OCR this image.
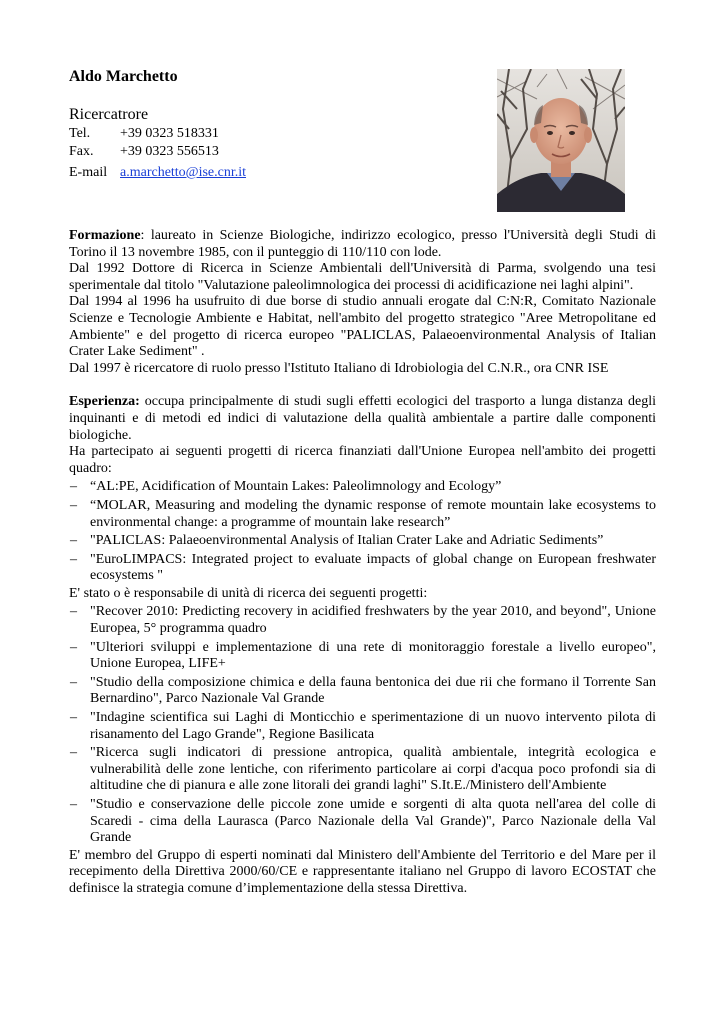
Aldo Marchetto
Ricercatrore
Tel. +39 0323 518331
Fax. +39 0323 556513
E-mail a.marchetto@ise.cnr.it

Formazione: laureato in Scienze Biologiche, indirizzo ecologico, presso l'Università degli Studi di Torino il 13 novembre 1985, con il punteggio di 110/110 con lode.

Dal 1992 Dottore di Ricerca in Scienze Ambientali dell'Università di Parma, svolgendo una tesi sperimentale dal titolo "Valutazione paleolimnologica dei processi di acidificazione nei laghi alpini".

Dal 1994 al 1996 ha usufruito di due borse di studio annuali erogate dal C:N:R, Comitato Nazionale Scienze e Tecnologie Ambiente e Habitat, nell'ambito del progetto strategico "Aree Metropolitane ed Ambiente" e del progetto di ricerca europeo "PALICLAS, Palaeoenvironmental Analysis of Italian Crater Lake Sediment" .

Dal 1997 è ricercatore di ruolo presso l'Istituto Italiano di Idrobiologia del C.N.R., ora CNR ISE

Esperienza: occupa principalmente di studi sugli effetti ecologici del trasporto a lunga distanza degli inquinanti e di metodi ed indici di valutazione della qualità ambientale a partire dalle componenti biologiche.

Ha partecipato ai seguenti progetti di ricerca finanziati dall'Unione Europea nell'ambito dei progetti quadro:

– “AL:PE, Acidification of Mountain Lakes: Paleolimnology and Ecology”
– “MOLAR, Measuring and modeling the dynamic response of remote mountain lake ecosystems to environmental change: a programme of mountain lake research”
– "PALICLAS: Palaeoenvironmental Analysis of Italian Crater Lake and Adriatic Sediments”
– "EuroLIMPACS: Integrated project to evaluate impacts of global change on European freshwater ecosystems "

E' stato o è responsabile di unità di ricerca dei seguenti progetti:

– "Recover 2010: Predicting recovery in acidified freshwaters by the year 2010, and beyond", Unione Europea, 5° programma quadro
– "Ulteriori sviluppi e implementazione di una rete di monitoraggio forestale a livello europeo", Unione Europea, LIFE+
– "Studio della composizione chimica e della fauna bentonica dei due rii che formano il Torrente San Bernardino", Parco Nazionale Val Grande
– "Indagine scientifica sui Laghi di Monticchio e sperimentazione di un nuovo intervento pilota di risanamento del Lago Grande", Regione Basilicata
– "Ricerca sugli indicatori di pressione antropica, qualità ambientale, integrità ecologica e vulnerabilità delle zone lentiche, con riferimento particolare ai corpi d'acqua poco profondi sia di altitudine che di pianura e alle zone litorali dei grandi laghi" S.It.E./Ministero dell'Ambiente
– "Studio e conservazione delle piccole zone umide e sorgenti di alta quota nell'area del colle di Scaredi - cima della Laurasca (Parco Nazionale della Val Grande)", Parco Nazionale della Val Grande

E' membro del Gruppo di esperti nominati dal Ministero dell'Ambiente del Territorio e del Mare per il recepimento della Direttiva 2000/60/CE e rappresentante italiano nel Gruppo di lavoro ECOSTAT che definisce la strategia comune d’implementazione della stessa Direttiva.
